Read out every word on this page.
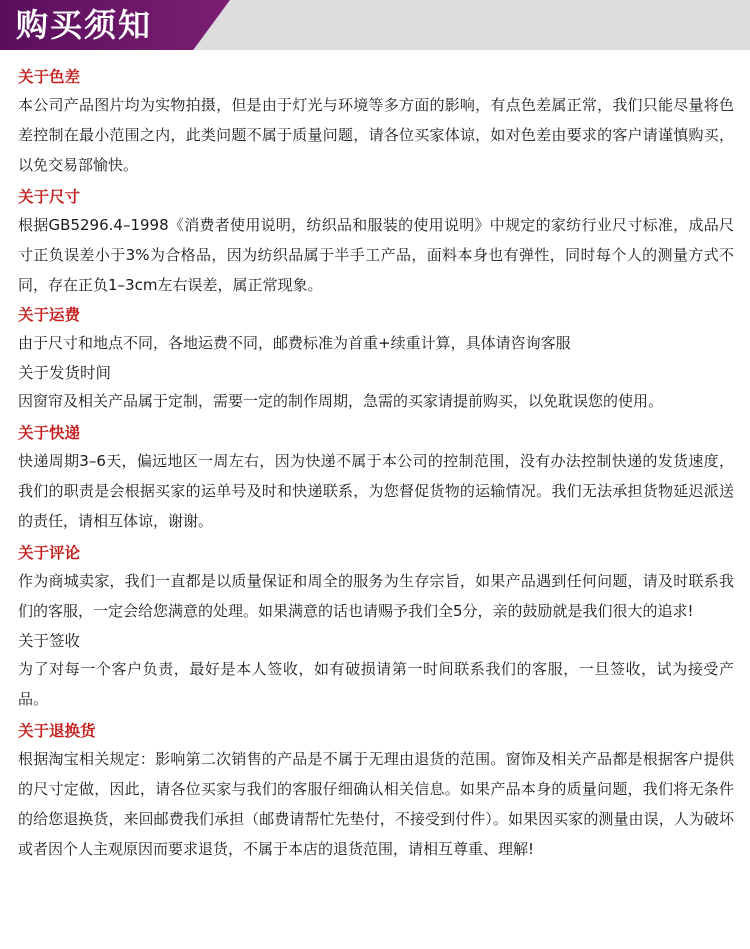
购买须知
关于色差

本公司产品图片均为实物拍摄，但是由于灯光与环境等多方面的影响，有点色差属正常，我们只能尽量将色差控制在最小范围之内，此类问题不属于质量问题，请各位买家体谅，如对色差由要求的客户请谨慎购买，以免交易部愉快。

关于尺寸

根据GB5296.4–1998《消费者使用说明，纺织品和服装的使用说明》中规定的家纺行业尺寸标准，成品尺寸正负误差小于3%为合格品，因为纺织品属于半手工产品，面料本身也有弹性，同时每个人的测量方式不同，存在正负1–3cm左右误差，属正常现象。

关于运费

由于尺寸和地点不同，各地运费不同，邮费标准为首重+续重计算，具体请咨询客服

关于发货时间

因窗帘及相关产品属于定制，需要一定的制作周期，急需的买家请提前购买，以免耽误您的使用。

关于快递

快递周期3–6天，偏远地区一周左右，因为快递不属于本公司的控制范围，没有办法控制快递的发货速度，我们的职责是会根据买家的运单号及时和快递联系，为您督促货物的运输情况。我们无法承担货物延迟派送的责任，请相互体谅，谢谢。

关于评论

作为商城卖家，我们一直都是以质量保证和周全的服务为生存宗旨，如果产品遇到任何问题，请及时联系我们的客服，一定会给您满意的处理。如果满意的话也请赐予我们全5分，亲的鼓励就是我们很大的追求!

关于签收

为了对每一个客户负责，最好是本人签收，如有破损请第一时间联系我们的客服，一旦签收，试为接受产品。

关于退换货

根据淘宝相关规定：影响第二次销售的产品是不属于无理由退货的范围。窗饰及相关产品都是根据客户提供的尺寸定做，因此，请各位买家与我们的客服仔细确认相关信息。如果产品本身的质量问题，我们将无条件的给您退换货，来回邮费我们承担（邮费请帮忙先垫付，不接受到付件）。如果因买家的测量由误，人为破坏或者因个人主观原因而要求退货，不属于本店的退货范围，请相互尊重、理解!
